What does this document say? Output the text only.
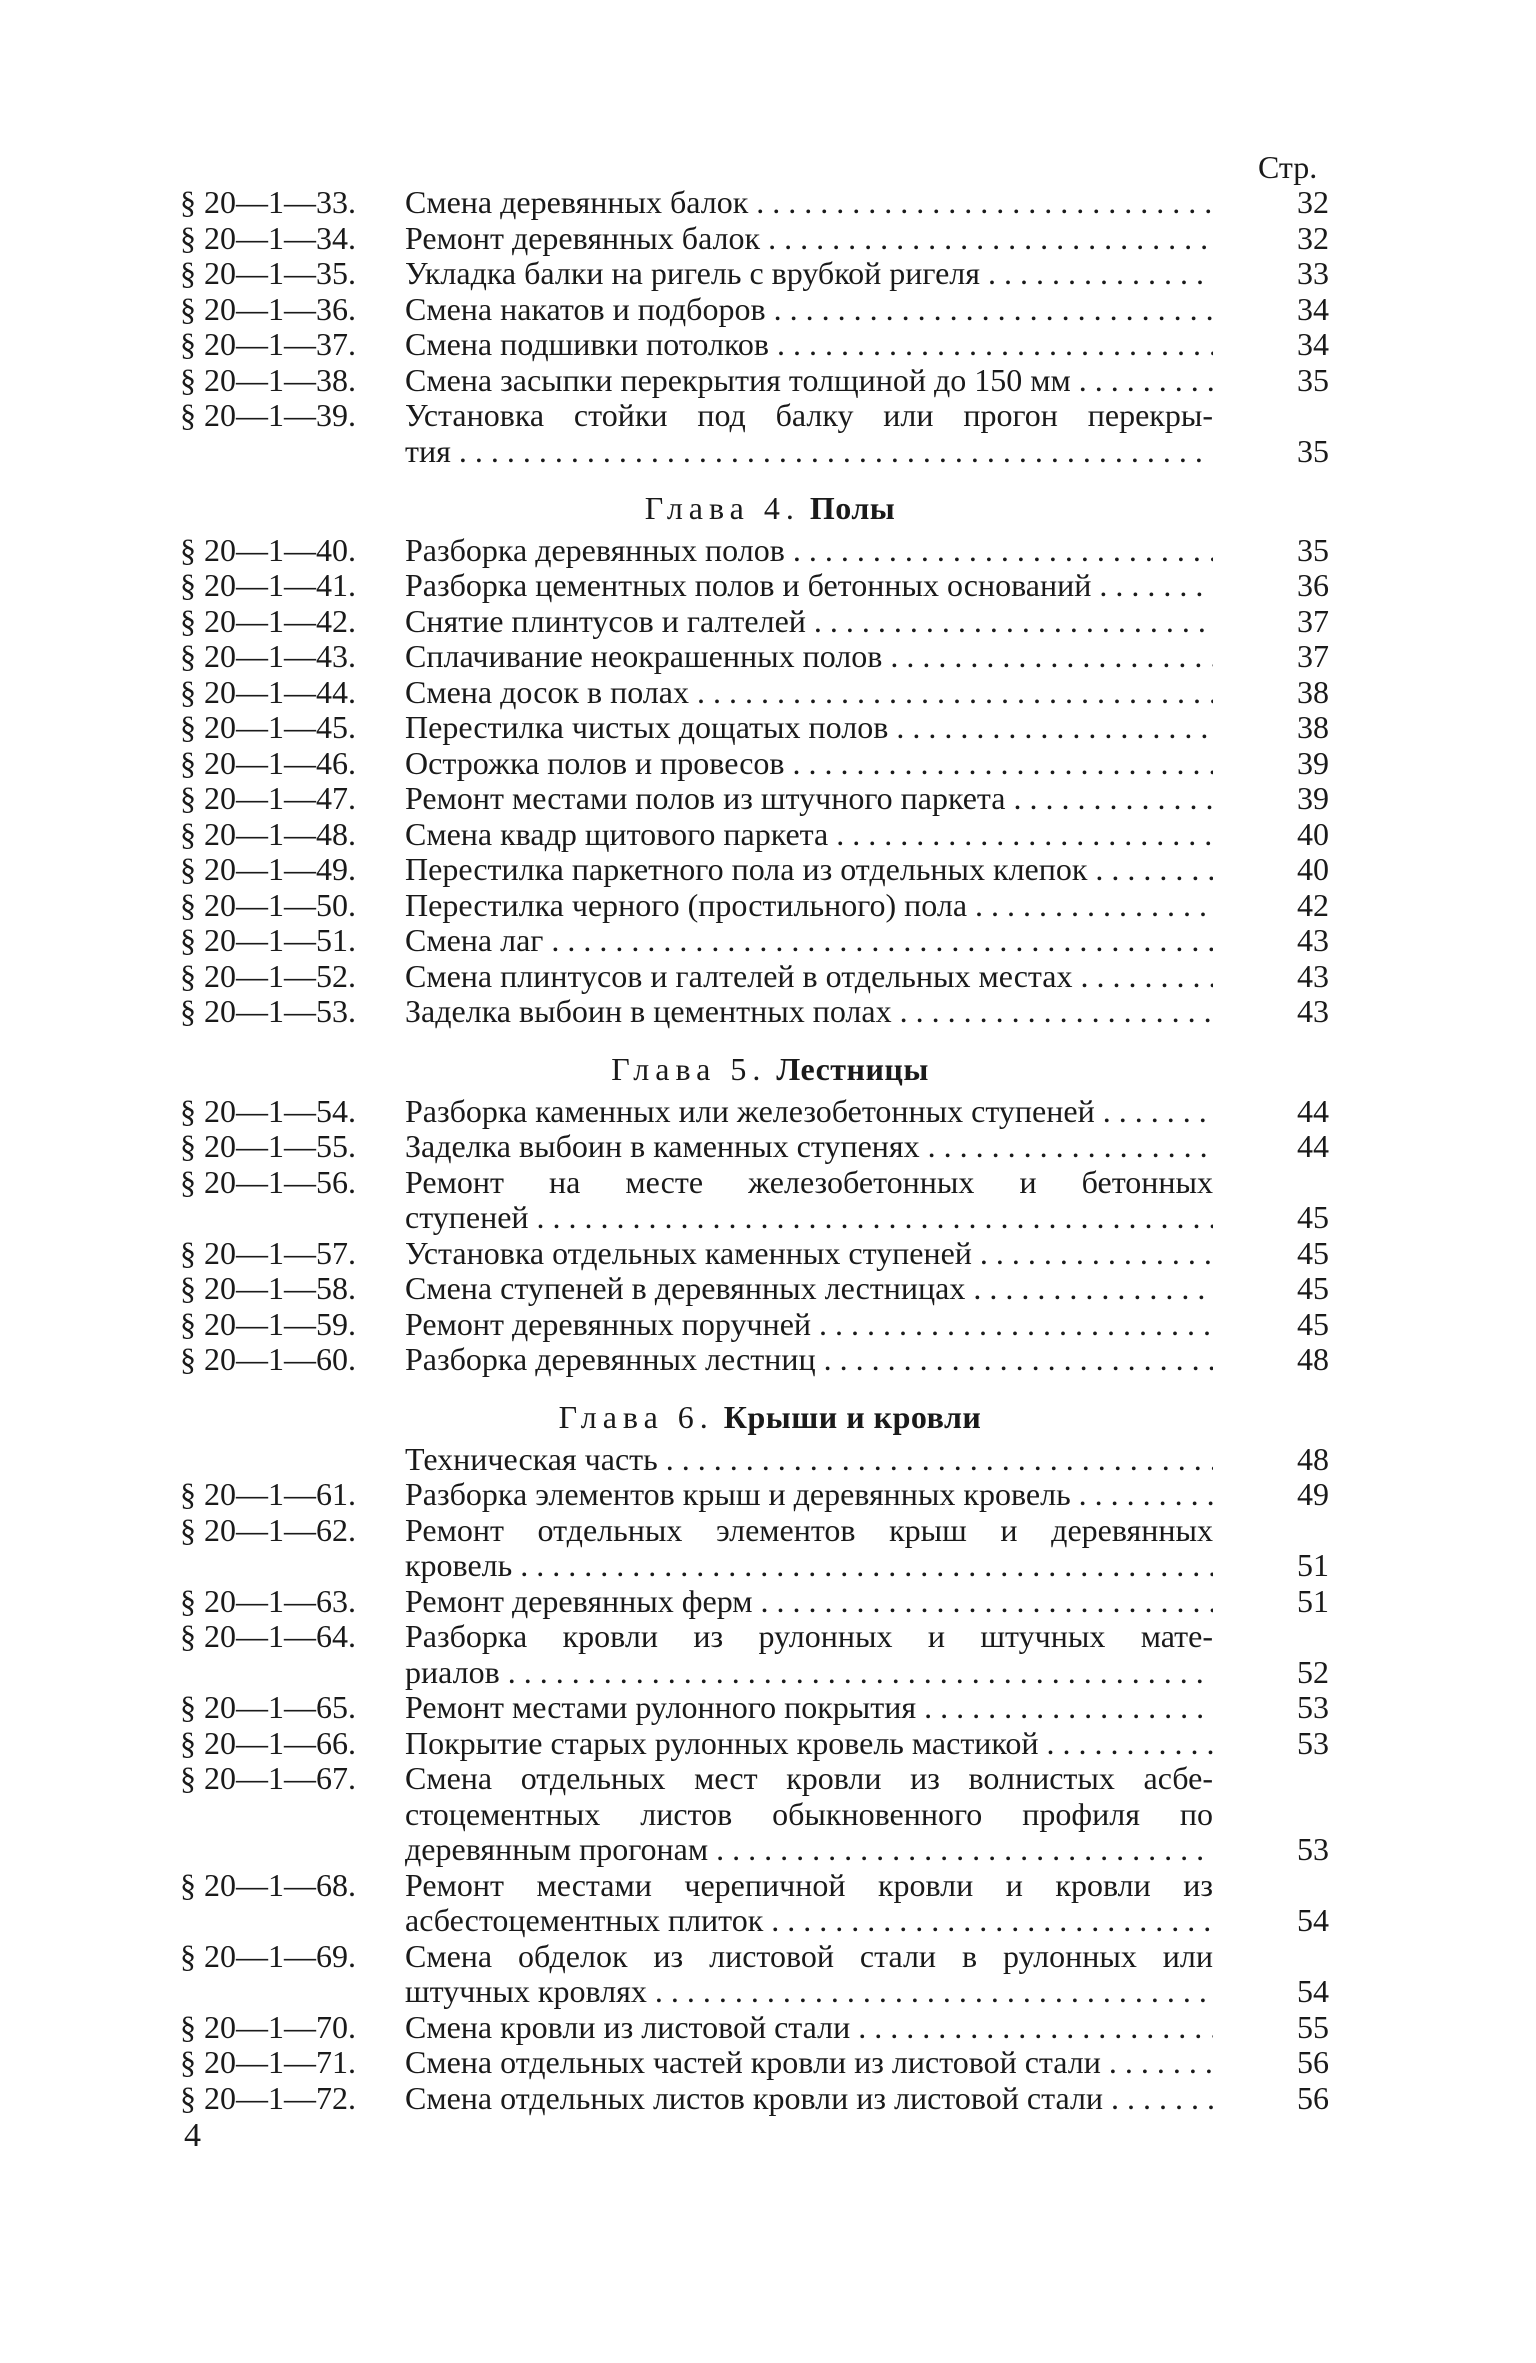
Стр.
§ 20—1—33.	Смена деревянных балок . . .	32
§ 20—1—34.	Ремонт деревянных балок . . .	32
§ 20—1—35.	Укладка балки на ригель с врубкой ригеля . . .	33
§ 20—1—36.	Смена накатов и подборов . . .	34
§ 20—1—37.	Смена подшивки потолков . . .	34
§ 20—1—38.	Смена засыпки перекрытия толщиной до 150 мм . . .	35
§ 20—1—39.	Установка стойки под балку или прогон перекры-
тия . . .	35
Глава 4. Полы
§ 20—1—40.	Разборка деревянных полов . . .	35
§ 20—1—41.	Разборка цементных полов и бетонных оснований . . .	36
§ 20—1—42.	Снятие плинтусов и галтелей . . .	37
§ 20—1—43.	Сплачивание неокрашенных полов . . .	37
§ 20—1—44.	Смена досок в полах . . .	38
§ 20—1—45.	Перестилка чистых дощатых полов . . .	38
§ 20—1—46.	Острожка полов и провесов . . .	39
§ 20—1—47.	Ремонт местами полов из штучного паркета . . .	39
§ 20—1—48.	Смена квадр щитового паркета . . .	40
§ 20—1—49.	Перестилка паркетного пола из отдельных клепок . . .	40
§ 20—1—50.	Перестилка черного (простильного) пола . . .	42
§ 20—1—51.	Смена лаг . . .	43
§ 20—1—52.	Смена плинтусов и галтелей в отдельных местах . . .	43
§ 20—1—53.	Заделка выбоин в цементных полах . . .	43
Глава 5. Лестницы
§ 20—1—54.	Разборка каменных или железобетонных ступеней . . .	44
§ 20—1—55.	Заделка выбоин в каменных ступенях . . .	44
§ 20—1—56.	Ремонт на месте железобетонных и бетонных
ступеней . . .	45
§ 20—1—57.	Установка отдельных каменных ступеней . . .	45
§ 20—1—58.	Смена ступеней в деревянных лестницах . . .	45
§ 20—1—59.	Ремонт деревянных поручней . . .	45
§ 20—1—60.	Разборка деревянных лестниц . . .	48
Глава 6. Крыши и кровли
Техническая часть . . .	48
§ 20—1—61.	Разборка элементов крыш и деревянных кровель . . .	49
§ 20—1—62.	Ремонт отдельных элементов крыш и деревянных
кровель . . .	51
§ 20—1—63.	Ремонт деревянных ферм . . .	51
§ 20—1—64.	Разборка кровли из рулонных и штучных мате-
риалов . . .	52
§ 20—1—65.	Ремонт местами рулонного покрытия . . .	53
§ 20—1—66.	Покрытие старых рулонных кровель мастикой . . .	53
§ 20—1—67.	Смена отдельных мест кровли из волнистых асбе-
стоцементных листов обыкновенного профиля по
деревянным прогонам . . .	53
§ 20—1—68.	Ремонт местами черепичной кровли и кровли из
асбестоцементных плиток . . .	54
§ 20—1—69.	Смена обделок из листовой стали в рулонных или
штучных кровлях . . .	54
§ 20—1—70.	Смена кровли из листовой стали . . .	55
§ 20—1—71.	Смена отдельных частей кровли из листовой стали . . .	56
§ 20—1—72.	Смена отдельных листов кровли из листовой стали . . .	56
4
